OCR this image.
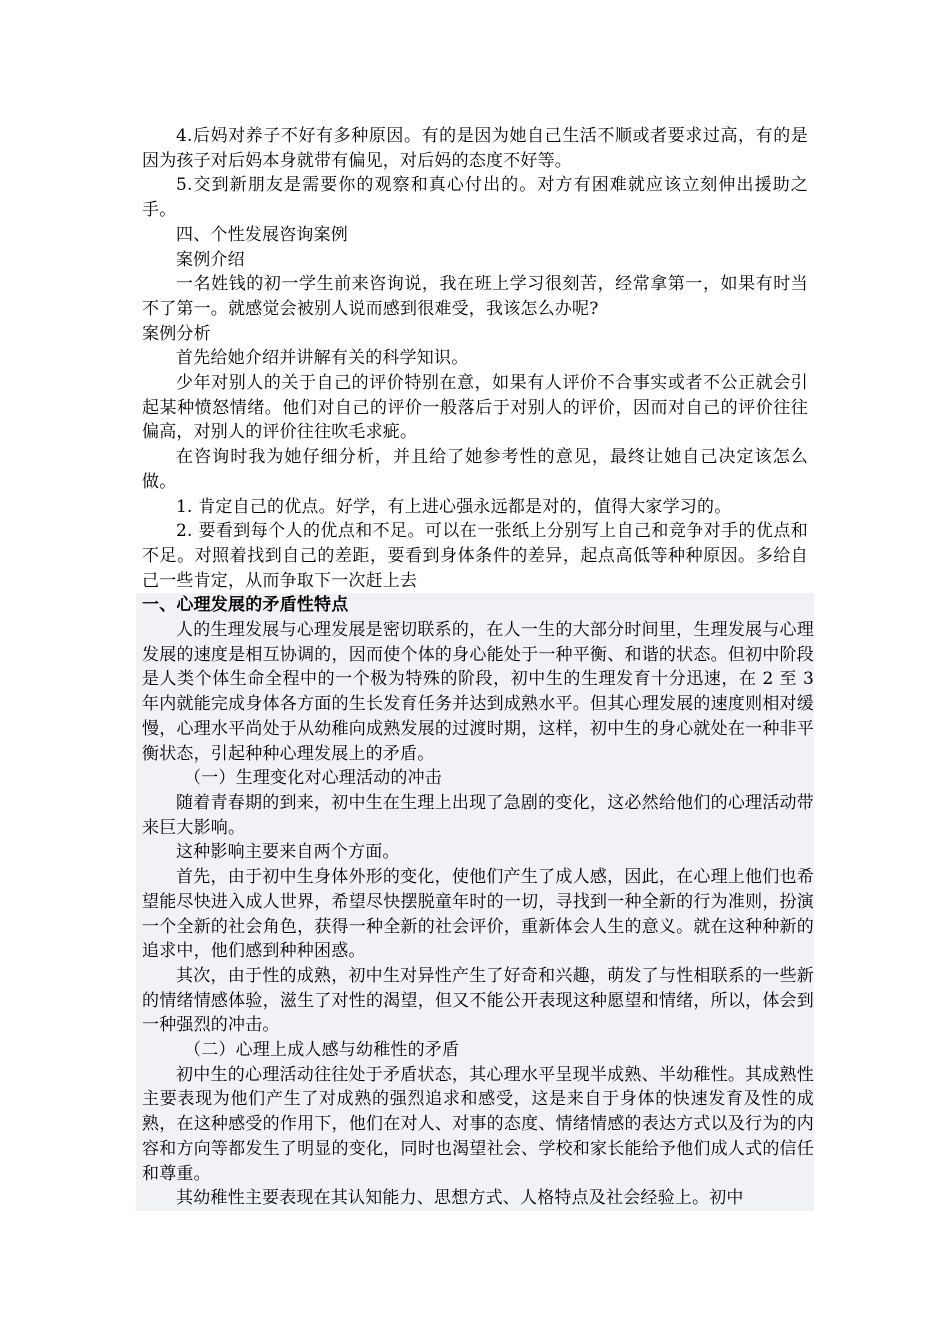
4.后妈对养子不好有多种原因。有的是因为她自己生活不顺或者要求过高，有的是因为孩子对后妈本身就带有偏见，对后妈的态度不好等。

5.交到新朋友是需要你的观察和真心付出的。对方有困难就应该立刻伸出援助之手。

四、个性发展咨询案例

案例介绍

一名姓钱的初一学生前来咨询说，我在班上学习很刻苦，经常拿第一，如果有时当不了第一。就感觉会被别人说而感到很难受，我该怎么办呢?

案例分析

首先给她介绍并讲解有关的科学知识。

少年对别人的关于自己的评价特别在意，如果有人评价不合事实或者不公正就会引起某种愤怒情绪。他们对自己的评价一般落后于对别人的评价，因而对自己的评价往往偏高，对别人的评价往往吹毛求疵。

在咨询时我为她仔细分析，并且给了她参考性的意见，最终让她自己决定该怎么做。

1. 肯定自己的优点。好学，有上进心强永远都是对的，值得大家学习的。

2. 要看到每个人的优点和不足。可以在一张纸上分别写上自己和竞争对手的优点和不足。对照着找到自己的差距，要看到身体条件的差异，起点高低等种种原因。多给自己一些肯定，从而争取下一次赶上去

一、心理发展的矛盾性特点

人的生理发展与心理发展是密切联系的，在人一生的大部分时间里，生理发展与心理发展的速度是相互协调的，因而使个体的身心能处于一种平衡、和谐的状态。但初中阶段是人类个体生命全程中的一个极为特殊的阶段，初中生的生理发育十分迅速，在 2 至 3 年内就能完成身体各方面的生长发育任务并达到成熟水平。但其心理发展的速度则相对缓慢，心理水平尚处于从幼稚向成熟发展的过渡时期，这样，初中生的身心就处在一种非平衡状态，引起种种心理发展上的矛盾。

（一）生理变化对心理活动的冲击

随着青春期的到来，初中生在生理上出现了急剧的变化，这必然给他们的心理活动带来巨大影响。

这种影响主要来自两个方面。

首先，由于初中生身体外形的变化，使他们产生了成人感，因此，在心理上他们也希望能尽快进入成人世界，希望尽快摆脱童年时的一切，寻找到一种全新的行为准则，扮演一个全新的社会角色，获得一种全新的社会评价，重新体会人生的意义。就在这种种新的追求中，他们感到种种困惑。

其次，由于性的成熟，初中生对异性产生了好奇和兴趣，萌发了与性相联系的一些新的情绪情感体验，滋生了对性的渴望，但又不能公开表现这种愿望和情绪，所以，体会到一种强烈的冲击。

（二）心理上成人感与幼稚性的矛盾

初中生的心理活动往往处于矛盾状态，其心理水平呈现半成熟、半幼稚性。其成熟性主要表现为他们产生了对成熟的强烈追求和感受，这是来自于身体的快速发育及性的成熟，在这种感受的作用下，他们在对人、对事的态度、情绪情感的表达方式以及行为的内容和方向等都发生了明显的变化，同时也渴望社会、学校和家长能给予他们成人式的信任和尊重。

其幼稚性主要表现在其认知能力、思想方式、人格特点及社会经验上。初中
